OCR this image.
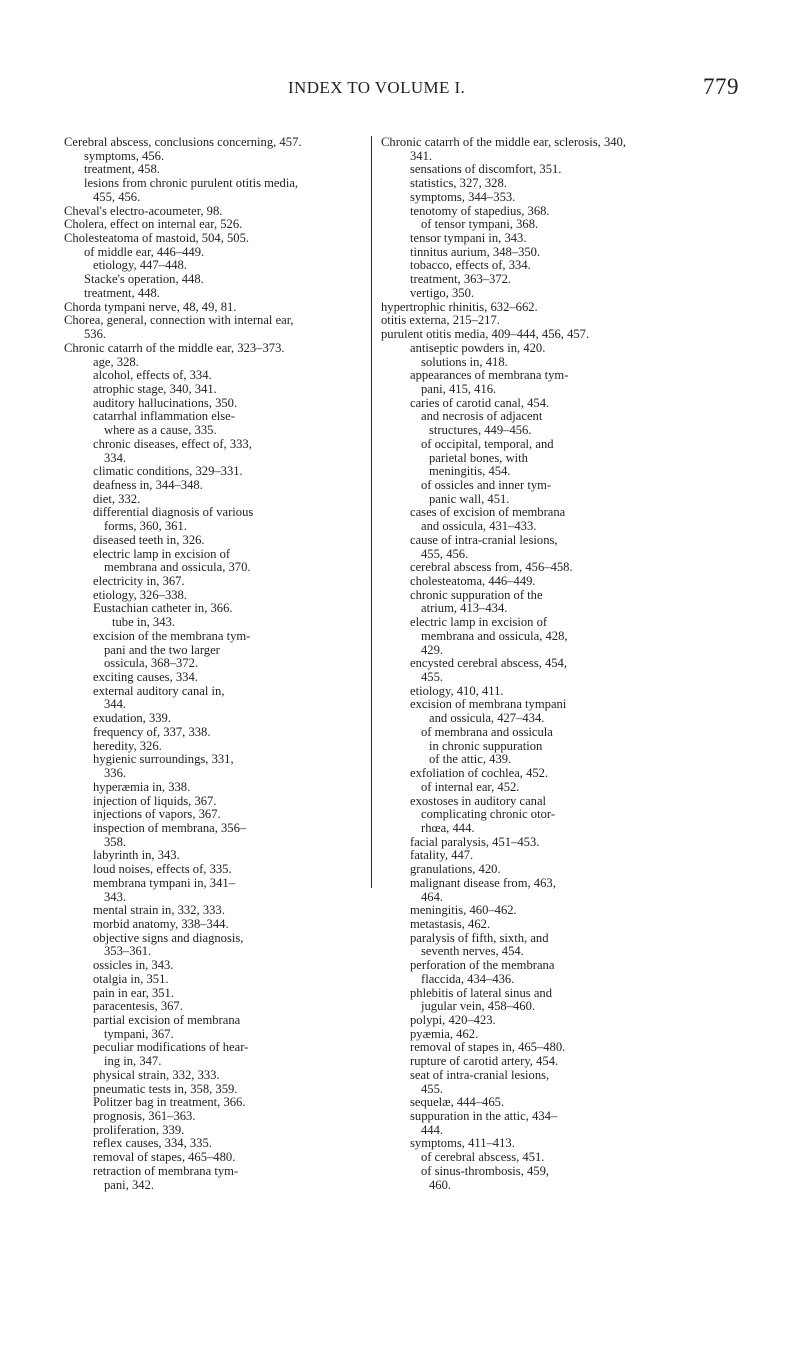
INDEX TO VOLUME I.	779
Cerebral abscess, conclusions concerning, 457.
symptoms, 456.
treatment, 458.
lesions from chronic purulent otitis media,
455, 456.
Cheval's electro-acoumeter, 98.
Cholera, effect on internal ear, 526.
Cholesteatoma of mastoid, 504, 505.
of middle ear, 446–449.
etiology, 447–448.
Stacke's operation, 448.
treatment, 448.
Chorda tympani nerve, 48, 49, 81.
Chorea, general, connection with internal ear,
536.
Chronic catarrh of the middle ear, 323–373.
age, 328.
alcohol, effects of, 334.
atrophic stage, 340, 341.
auditory hallucinations, 350.
catarrhal inflammation else-
where as a cause, 335.
chronic diseases, effect of, 333,
334.
climatic conditions, 329–331.
deafness in, 344–348.
diet, 332.
differential diagnosis of various
forms, 360, 361.
diseased teeth in, 326.
electric lamp in excision of
membrana and ossicula, 370.
electricity in, 367.
etiology, 326–338.
Eustachian catheter in, 366.
tube in, 343.
excision of the membrana tym-
pani and the two larger
ossicula, 368–372.
exciting causes, 334.
external auditory canal in,
344.
exudation, 339.
frequency of, 337, 338.
heredity, 326.
hygienic surroundings, 331,
336.
hyperæmia in, 338.
injection of liquids, 367.
injections of vapors, 367.
inspection of membrana, 356–
358.
labyrinth in, 343.
loud noises, effects of, 335.
membrana tympani in, 341–
343.
mental strain in, 332, 333.
morbid anatomy, 338–344.
objective signs and diagnosis,
353–361.
ossicles in, 343.
otalgia in, 351.
pain in ear, 351.
paracentesis, 367.
partial excision of membrana
tympani, 367.
peculiar modifications of hear-
ing in, 347.
physical strain, 332, 333.
pneumatic tests in, 358, 359.
Politzer bag in treatment, 366.
prognosis, 361–363.
proliferation, 339.
reflex causes, 334, 335.
removal of stapes, 465–480.
retraction of membrana tym-
pani, 342.
Chronic catarrh of the middle ear, sclerosis, 340,
341.
sensations of discomfort, 351.
statistics, 327, 328.
symptoms, 344–353.
tenotomy of stapedius, 368.
of tensor tympani, 368.
tensor tympani in, 343.
tinnitus aurium, 348–350.
tobacco, effects of, 334.
treatment, 363–372.
vertigo, 350.
hypertrophic rhinitis, 632–662.
otitis externa, 215–217.
purulent otitis media, 409–444, 456, 457.
antiseptic powders in, 420.
solutions in, 418.
appearances of membrana tym-
pani, 415, 416.
caries of carotid canal, 454.
and necrosis of adjacent
structures, 449–456.
of occipital, temporal, and
parietal bones, with
meningitis, 454.
of ossicles and inner tym-
panic wall, 451.
cases of excision of membrana
and ossicula, 431–433.
cause of intra-cranial lesions,
455, 456.
cerebral abscess from, 456–458.
cholesteatoma, 446–449.
chronic suppuration of the
atrium, 413–434.
electric lamp in excision of
membrana and ossicula, 428,
429.
encysted cerebral abscess, 454,
455.
etiology, 410, 411.
excision of membrana tympani
and ossicula, 427–434.
of membrana and ossicula
in chronic suppuration
of the attic, 439.
exfoliation of cochlea, 452.
of internal ear, 452.
exostoses in auditory canal
complicating chronic otor-
rhœa, 444.
facial paralysis, 451–453.
fatality, 447.
granulations, 420.
malignant disease from, 463,
464.
meningitis, 460–462.
metastasis, 462.
paralysis of fifth, sixth, and
seventh nerves, 454.
perforation of the membrana
flaccida, 434–436.
phlebitis of lateral sinus and
jugular vein, 458–460.
polypi, 420–423.
pyæmia, 462.
removal of stapes in, 465–480.
rupture of carotid artery, 454.
seat of intra-cranial lesions,
455.
sequelæ, 444–465.
suppuration in the attic, 434–
444.
symptoms, 411–413.
of cerebral abscess, 451.
of sinus-thrombosis, 459,
460.
